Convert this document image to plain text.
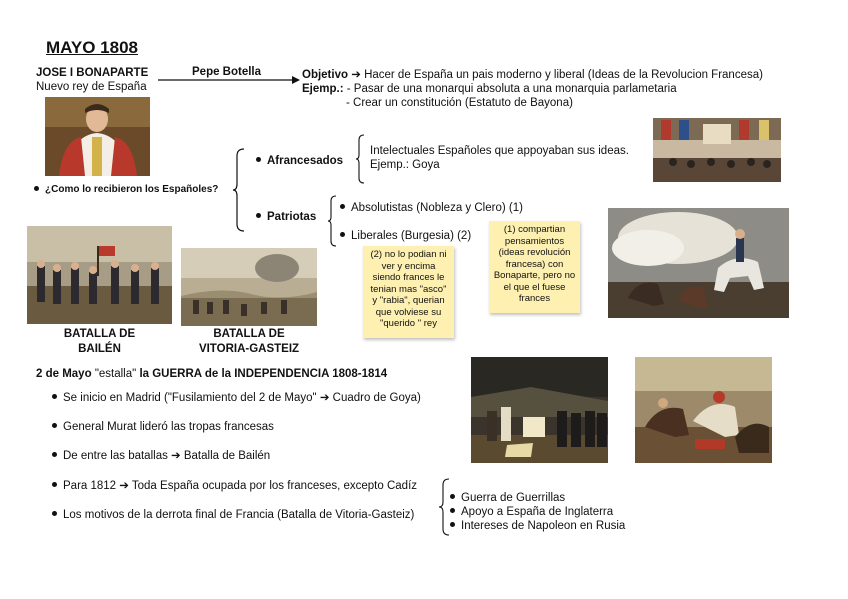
MAYO 1808
JOSE I BONAPARTE
Nuevo rey de España
Pepe Botella	Objetivo ➔ Hacer de España un pais moderno y liberal (Ideas de la Revolucion Francesa)
Ejemp.: - Pasar de una monarqui absoluta a una monarquia parlametaria
- Crear un constitución (Estatuto de Bayona)
¿Como lo recibieron los Españoles?
Afrancesados
Intelectuales Españoles que appoyaban sus ideas.
Ejemp.: Goya
Patriotas
Absolutistas (Nobleza y Clero) (1)
Liberales (Burgesia) (2)
(2) no lo podian ni
ver y encima
siendo frances le
tenian mas "asco"
y "rabia", querian
que volviese su
"querido " rey
(1) compartian
pensamientos
(ideas revolución
francesa) con
Bonaparte, pero no
el que el fuese
frances
BATALLA DE
BAILÉN
BATALLA DE
VITORIA-GASTEIZ
2 de Mayo "estalla" la GUERRA de la INDEPENDENCIA 1808-1814
Se inicio en Madrid ("Fusilamiento del 2 de Mayo" ➔ Cuadro de Goya)
General Murat lideró las tropas francesas
De entre las batallas ➔ Batalla de Bailén
Para 1812 ➔ Toda España ocupada por los franceses, excepto Cadíz
Los motivos de la derrota final de Francia (Batalla de Vitoria-Gasteiz)
Guerra de Guerrillas
Apoyo a España de Inglaterra
Intereses de Napoleon en Rusia
